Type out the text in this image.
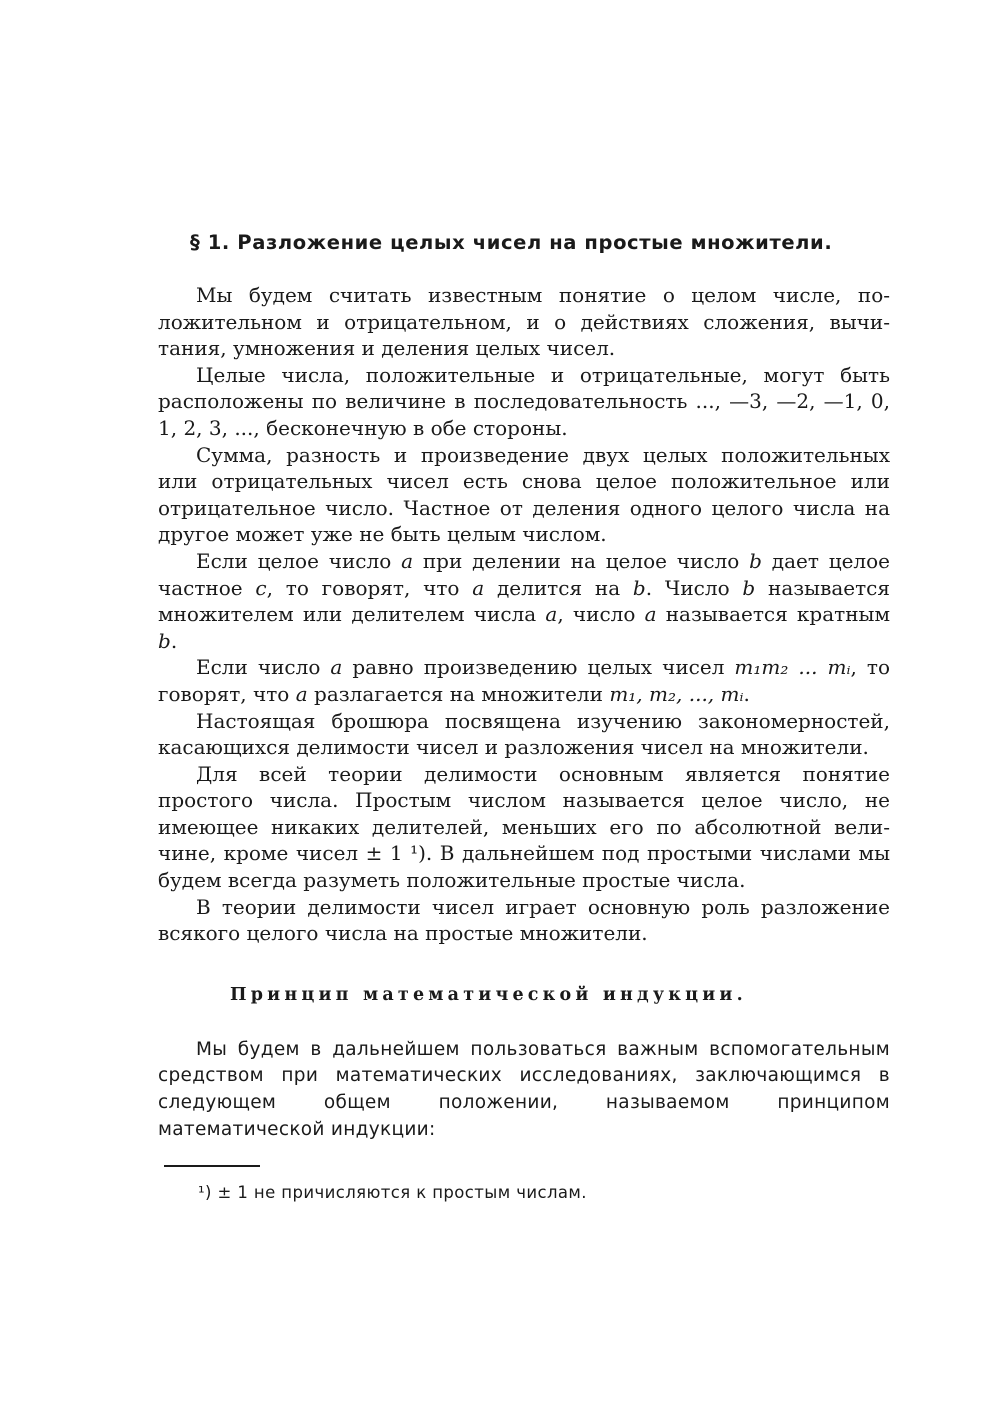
§ 1. Разложение целых чисел на простые множители.

Мы будем считать известным понятие о целом числе, положительном и отрицательном, и о действиях сложения, вычитания, умножения и деления целых чисел.

Целые числа, положительные и отрицательные, могут быть расположены по величине в последовательность ..., —3, —2, —1, 0, 1, 2, 3, ..., бесконечную в обе стороны.

Сумма, разность и произведение двух целых положительных или отрицательных чисел есть снова целое положительное или отрицательное число. Частное от деления одного целого числа на другое может уже не быть целым числом.

Если целое число a при делении на целое число b дает целое частное c, то говорят, что a делится на b. Число b называется множителем или делителем числа a, число a называется кратным b.

Если число a равно произведению целых чисел m₁m₂ ... mᵢ, то говорят, что a разлагается на множители m₁, m₂, ..., mᵢ.

Настоящая брошюра посвящена изучению закономерностей, касающихся делимости чисел и разложения чисел на множители.

Для всей теории делимости основным является понятие простого числа. Простым числом называется целое число, не имеющее никаких делителей, меньших его по абсолютной величине, кроме чисел ± 1 ¹). В дальнейшем под простыми числами мы будем всегда разуметь положительные простые числа.

В теории делимости чисел играет основную роль разложение всякого целого числа на простые множители.

Принцип математической индукции.

Мы будем в дальнейшем пользоваться важным вспомогательным средством при математических исследованиях, заключающимся в следующем общем положении, называемом принципом математической индукции:

¹) ± 1 не причисляются к простым числам.
